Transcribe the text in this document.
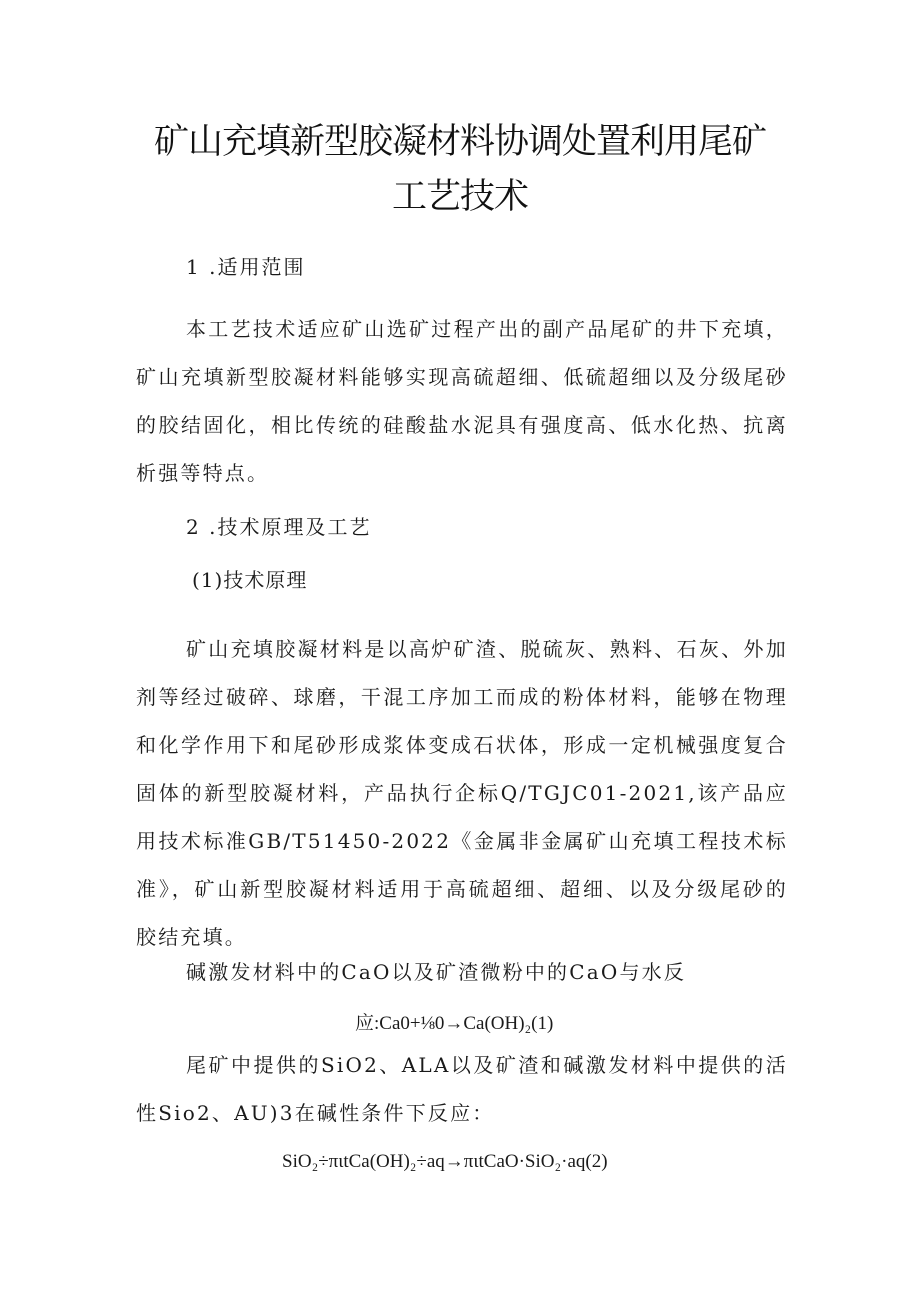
矿山充填新型胶凝材料协调处置利用尾矿
工艺技术
1 .适用范围

本工艺技术适应矿山选矿过程产出的副产品尾矿的井下充填，矿山充填新型胶凝材料能够实现高硫超细、低硫超细以及分级尾砂的胶结固化，相比传统的硅酸盐水泥具有强度高、低水化热、抗离析强等特点。

2 .技术原理及工艺
(1)技术原理

矿山充填胶凝材料是以高炉矿渣、脱硫灰、熟料、石灰、外加剂等经过破碎、球磨，干混工序加工而成的粉体材料，能够在物理和化学作用下和尾砂形成浆体变成石状体，形成一定机械强度复合固体的新型胶凝材料，产品执行企标Q/TGJC01-2021,该产品应用技术标准GB/T51450-2022《金属非金属矿山充填工程技术标准》，矿山新型胶凝材料适用于高硫超细、超细、以及分级尾砂的胶结充填。

碱激发材料中的CaO以及矿渣微粉中的CaO与水反

应:Ca0+⅛0→Ca(OH)₂(1)

尾矿中提供的SiO2、ALA以及矿渣和碱激发材料中提供的活性Sio2、AU)3在碱性条件下反应：

SiO₂÷πιtCa(OH)₂÷aq→πιtCaO·SiO₂·aq(2)
